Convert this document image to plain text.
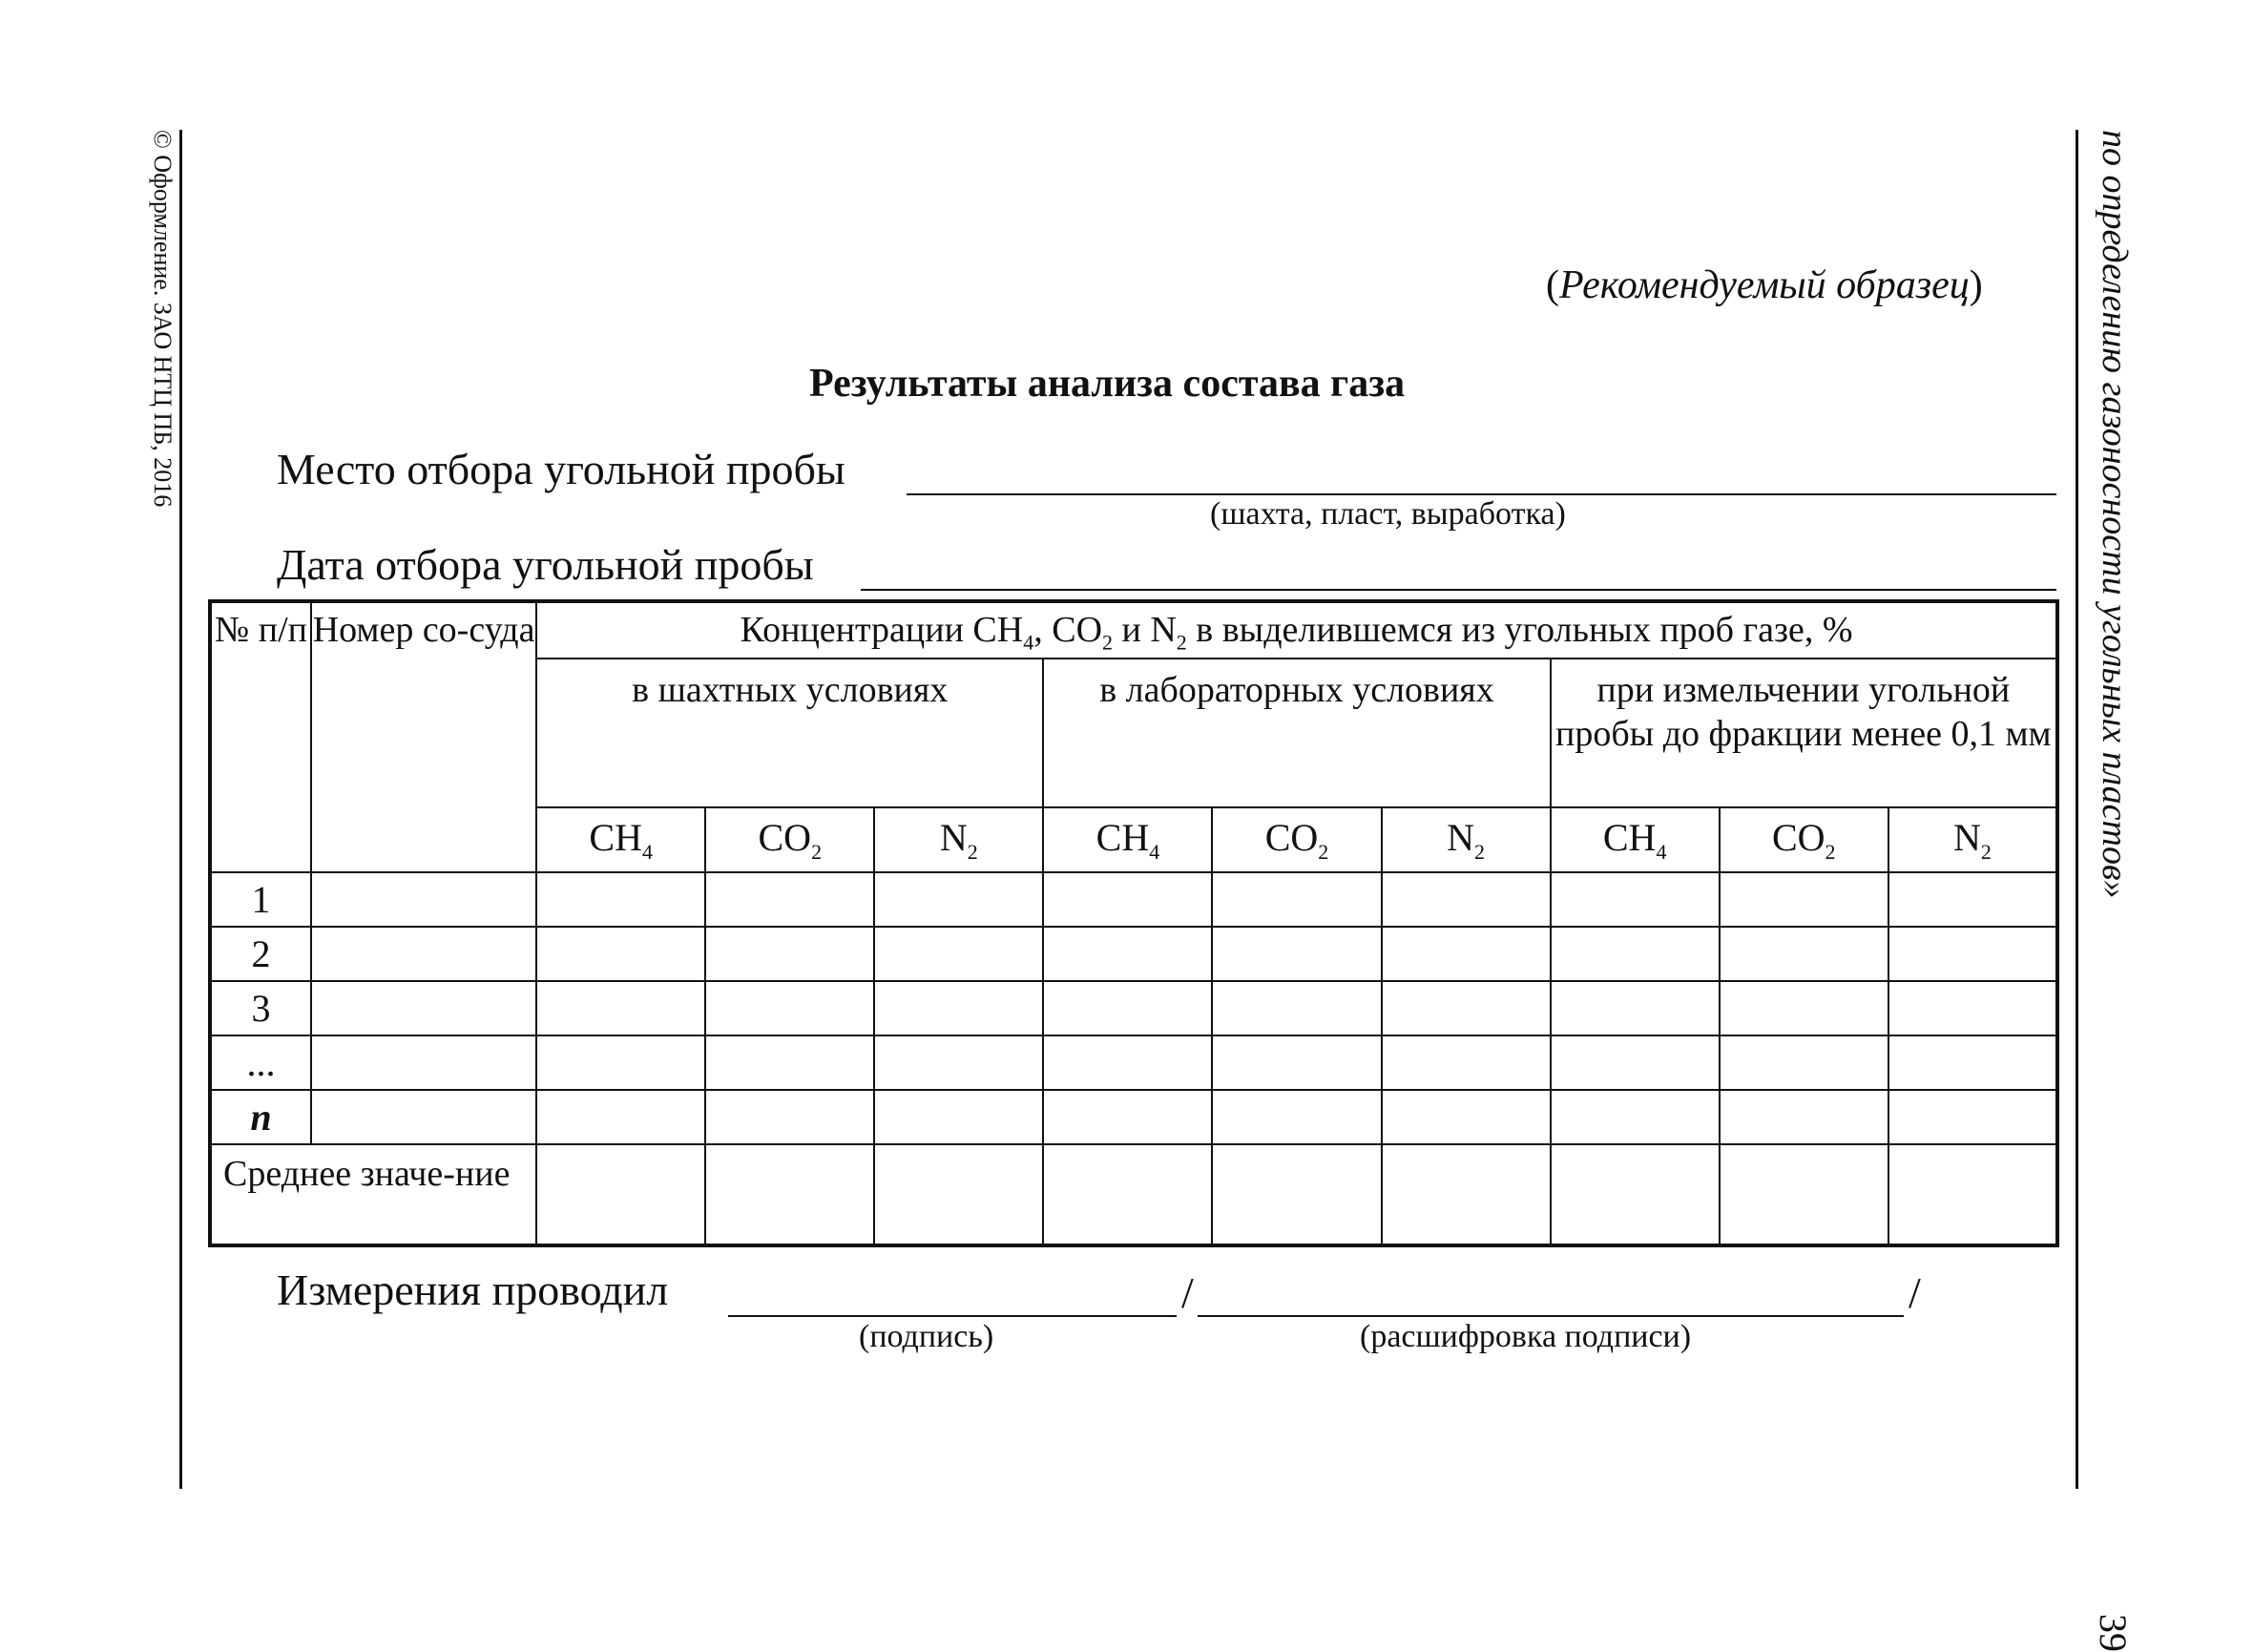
© Оформление. ЗАО НТЦ ПБ, 2016	по определению газоносности угольных пластов»
39
(Рекомендуемый образец)
Результаты анализа состава газа
Место отбора угольной пробы
(шахта, пласт, выработка)
Дата отбора угольной пробы
№ п/п	Номер со-суда	Концентрации $CH_4$, $CO_2$ и $N_2$ в выделившемся из угольных проб газе, %								
		в шахтных условиях			в лабораторных условиях			при измельчении угольной пробы до фракции менее 0,1 мм		
		$CH_4$	$CO_2$	$N_2$	$CH_4$	$CO_2$	$N_2$	$CH_4$	$CO_2$	$N_2$
1										
2										
3										
...										
n										
Среднее значе-ние										
Измерения проводил	/	/
(подпись)	(расшифровка подписи)
